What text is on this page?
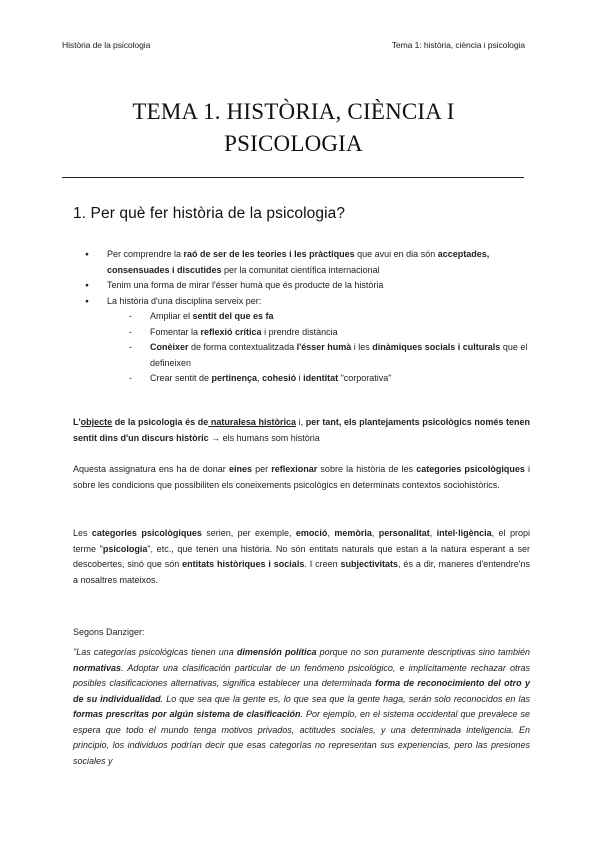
Història de la psicologia	Tema 1: història, ciència i psicologia
TEMA 1. HISTÒRIA, CIÈNCIA I
PSICOLOGIA
1. Per què fer història de la psicologia?
● Per comprendre la raó de ser de les teories i les pràctiques que avui en dia són acceptades, consensuades i discutides per la comunitat científica internacional
● Tenim una forma de mirar l'ésser humà que és producte de la història
● La història d'una disciplina serveix per:
- Ampliar el sentit del que es fa
- Fomentar la reflexió crítica i prendre distància
- Conèixer de forma contextualitzada l'ésser humà i les dinàmiques socials i culturals que el defineixen
- Crear sentit de pertinença, cohesió i identitat "corporativa"

L'objecte de la psicologia és de naturalesa històrica i, per tant, els plantejaments psicològics només tenen sentit dins d'un discurs històric → els humans som història

Aquesta assignatura ens ha de donar eines per reflexionar sobre la història de les categories psicològiques i sobre les condicions que possibiliten els coneixements psicològics en determinats contextos sociohistòrics.

Les categories psicològiques serien, per exemple, emoció, memòria, personalitat, intel·ligència, el propi terme "psicologia", etc., que tenen una història. No són entitats naturals que estan a la natura esperant a ser descobertes, sinó que són entitats històriques i socials. I creen subjectivitats, és a dir, maneres d'entendre'ns a nosaltres mateixos.

Segons Danziger:

"Las categorías psicológicas tienen una dimensión política porque no son puramente descriptivas sino también normativas. Adoptar una clasificación particular de un fenómeno psicológico, e implícitamente rechazar otras posibles clasificaciones alternativas, significa establecer una determinada forma de reconocimiento del otro y de su individualidad. Lo que sea que la gente es, lo que sea que la gente haga, serán solo reconocidos en las formas prescritas por algún sistema de clasificación. Por ejemplo, en el sistema occidental que prevalece se espera que todo el mundo tenga motivos privados, actitudes sociales, y una determinada inteligencia. En principio, los individuos podrían decir que esas categorías no representan sus experiencias, pero las presiones sociales y
